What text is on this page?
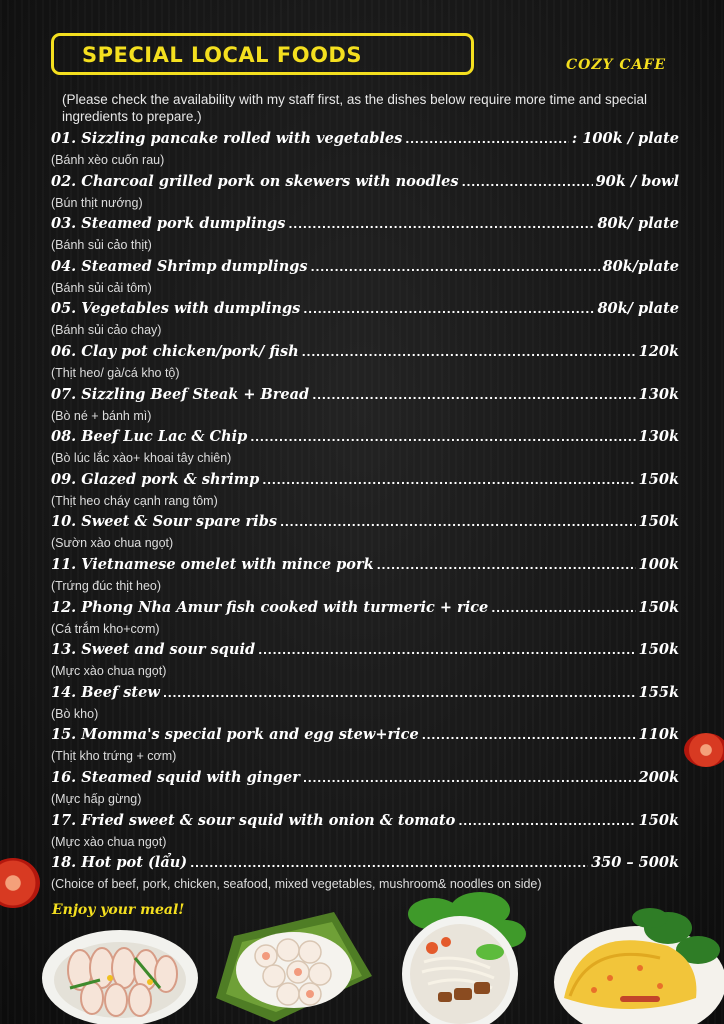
SPECIAL LOCAL FOODS	COZY CAFE
(Please check the availability with my staff first, as the dishes below require more time and special ingredients to prepare.)
01. Sizzling pancake rolled with vegetables .....	: 100k / plate
(Bánh xèo cuốn rau)
02. Charcoal grilled pork on skewers with noodles .....	90k / bowl
(Bún thịt nướng)
03. Steamed pork dumplings .....	80k/ plate
(Bánh sủi cảo thịt)
04. Steamed Shrimp dumplings .....	80k/plate
(Bánh sủi cải tôm)
05. Vegetables with dumplings .....	80k/ plate
(Bánh sủi cảo chay)
06. Clay pot chicken/pork/ fish .....	120k
(Thịt heo/ gà/cá kho tộ)
07. Sizzling Beef Steak + Bread .....	130k
(Bò né + bánh mì)
08. Beef Luc Lac & Chip .....	130k
(Bò lúc lắc xào+ khoai tây chiên)
09. Glazed pork & shrimp .....	150k
(Thịt heo cháy cạnh rang tôm)
10. Sweet & Sour spare ribs .....	150k
(Sườn xào chua ngọt)
11. Vietnamese omelet with mince pork .....	100k
(Trứng đúc thịt heo)
12. Phong Nha Amur fish cooked with turmeric + rice .....	150k
(Cá trắm kho+cơm)
13. Sweet and sour squid .....	150k
(Mực xào chua ngọt)
14. Beef stew .....	155k
(Bò kho)
15. Momma's special pork and egg stew+rice .....	110k
(Thịt kho trứng + cơm)
16. Steamed squid with ginger .....	200k
(Mực hấp gừng)
17. Fried sweet & sour squid with onion & tomato .....	150k
(Mực xào chua ngọt)
18. Hot pot (lẩu) .....	350 – 500k
(Choice of beef, pork, chicken, seafood, mixed vegetables, mushroom& noodles on side)
Enjoy your meal!
